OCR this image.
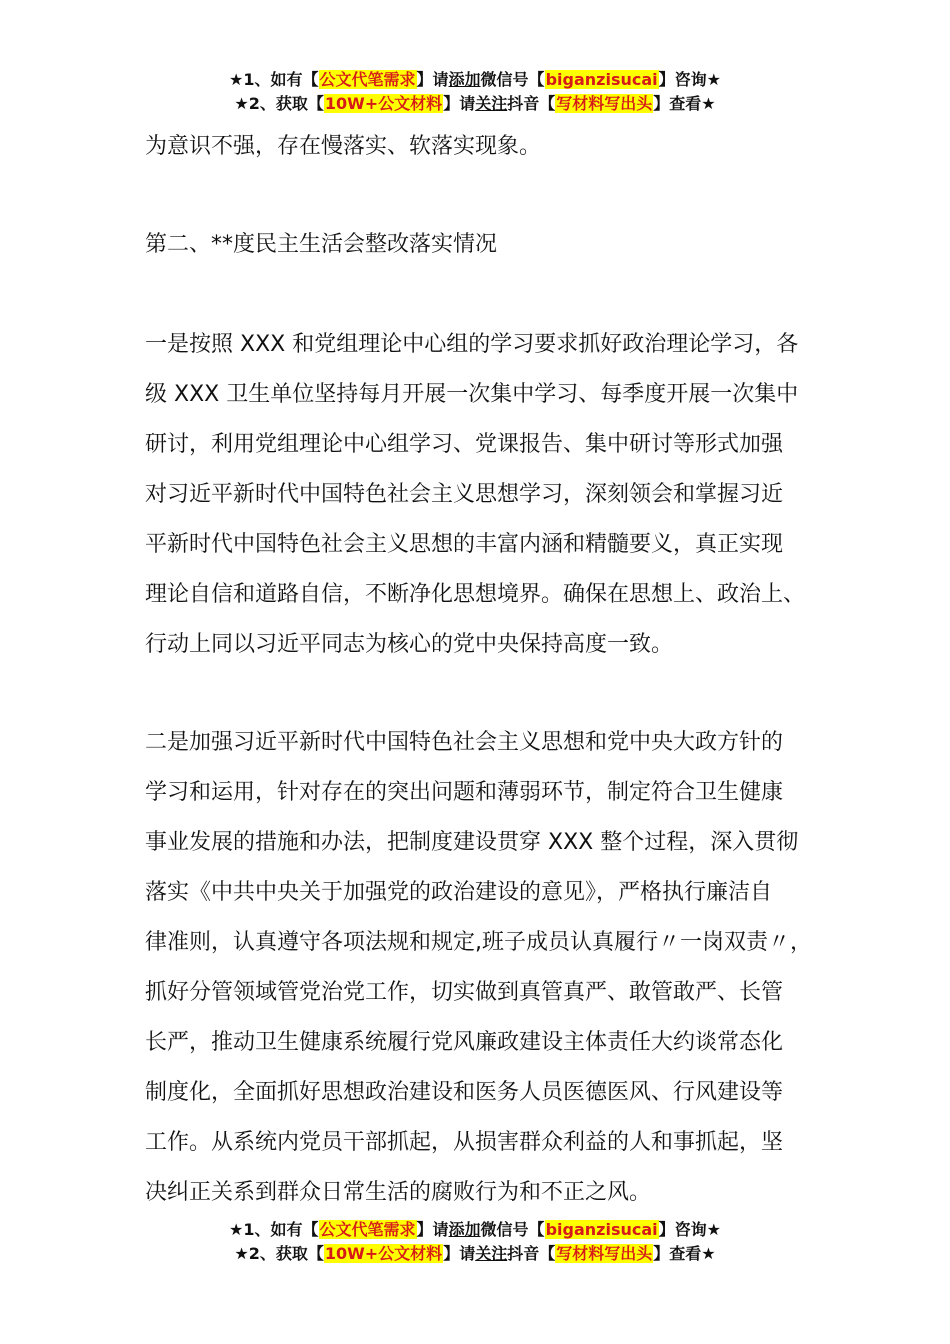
★1、如有【公文代笔需求】请添加微信号【biganzisucai】咨询★
★2、获取【10W+公文材料】请关注抖音【写材料写出头】查看★

为意识不强，存在慢落实、软落实现象。

第二、**度民主生活会整改落实情况

一是按照 XXX 和党组理论中心组的学习要求抓好政治理论学习，各
级 XXX 卫生单位坚持每月开展一次集中学习、每季度开展一次集中
研讨，利用党组理论中心组学习、党课报告、集中研讨等形式加强
对习近平新时代中国特色社会主义思想学习，深刻领会和掌握习近
平新时代中国特色社会主义思想的丰富内涵和精髓要义，真正实现
理论自信和道路自信，不断净化思想境界。确保在思想上、政治上、
行动上同以习近平同志为核心的党中央保持高度一致。
二是加强习近平新时代中国特色社会主义思想和党中央大政方针的
学习和运用，针对存在的突出问题和薄弱环节，制定符合卫生健康
事业发展的措施和办法，把制度建设贯穿 XXX 整个过程，深入贯彻
落实《中共中央关于加强党的政治建设的意见》，严格执行廉洁自
律准则，认真遵守各项法规和规定,班子成员认真履行〃一岗双责〃，
抓好分管领域管党治党工作，切实做到真管真严、敢管敢严、长管
长严，推动卫生健康系统履行党风廉政建设主体责任大约谈常态化
制度化，全面抓好思想政治建设和医务人员医德医风、行风建设等
工作。从系统内党员干部抓起，从损害群众利益的人和事抓起，坚
决纠正关系到群众日常生活的腐败行为和不正之风。
★1、如有【公文代笔需求】请添加微信号【biganzisucai】咨询★
★2、获取【10W+公文材料】请关注抖音【写材料写出头】查看★
